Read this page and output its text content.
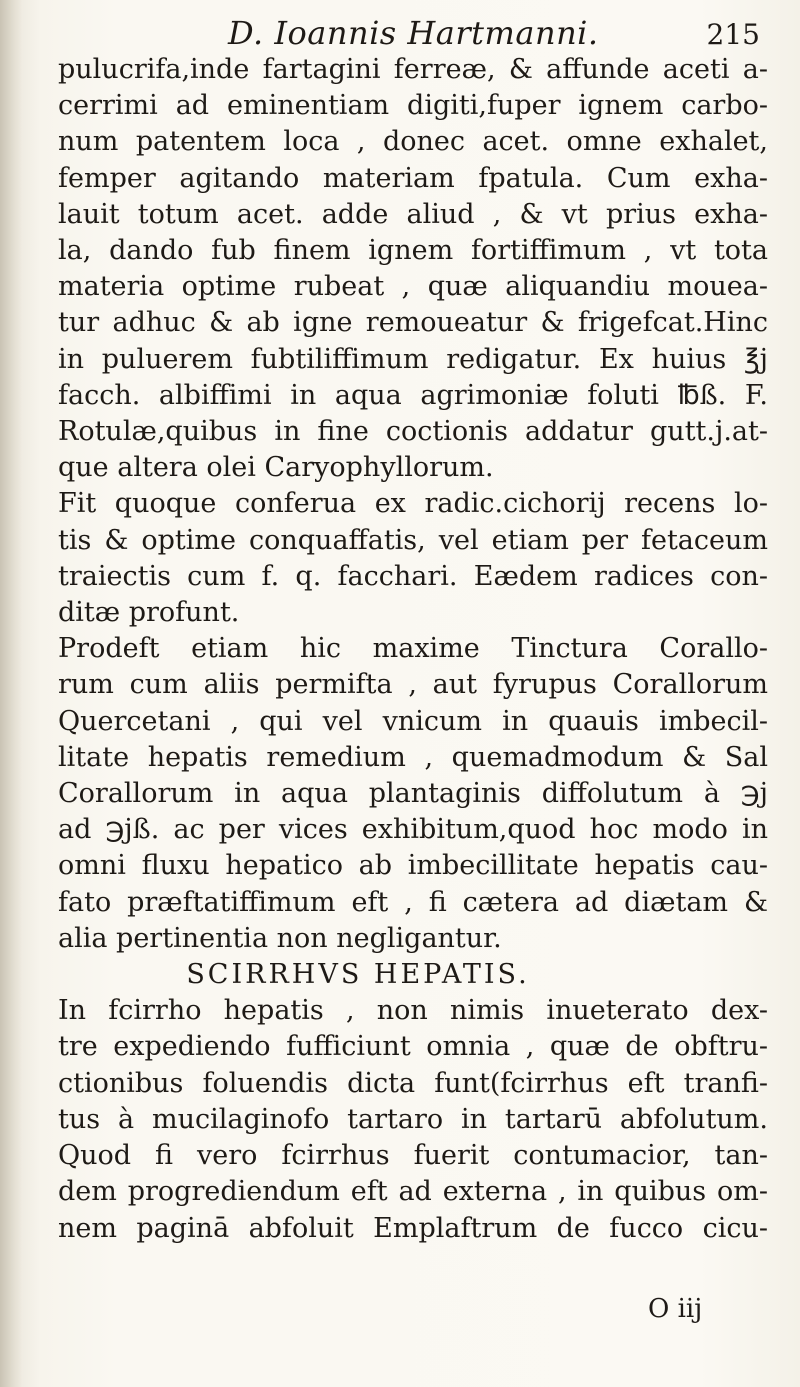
D. Ioannis Hartmanni.	215
pulucrifa,inde fartagini ferreæ, & affunde aceti a-
cerrimi ad eminentiam digiti,fuper ignem carbo-
num patentem loca , donec acet. omne exhalet,
femper agitando materiam fpatula. Cum exha-
lauit totum acet. adde aliud , & vt prius exha-
la, dando fub finem ignem fortiffimum , vt tota
materia optime rubeat , quæ aliquandiu mouea-
tur adhuc & ab igne remoueatur & frigefcat.Hinc
in puluerem fubtiliffimum redigatur. Ex huius ℥j
facch. albiffimi in aqua agrimoniæ foluti ℔ß. F.
Rotulæ,quibus in fine coctionis addatur gutt.j.at-
que altera olei Caryophyllorum.
Fit quoque conferua ex radic.cichorij recens lo-
tis & optime conquaffatis, vel etiam per fetaceum
traiectis cum f. q. facchari. Eædem radices con-
ditæ profunt.
Prodeft etiam hic maxime Tinctura Corallo-
rum cum aliis permifta , aut fyrupus Corallorum
Quercetani , qui vel vnicum in quauis imbecil-
litate hepatis remedium , quemadmodum & Sal
Corallorum in aqua plantaginis diffolutum à ℈j
ad ℈jß. ac per vices exhibitum,quod hoc modo in
omni fluxu hepatico ab imbecillitate hepatis cau-
fato præftatiffimum eft , fi cætera ad diætam &
alia pertinentia non negligantur.
SCIRRHVS HEPATIS.
In fcirrho hepatis , non nimis inueterato dex-
tre expediendo fufficiunt omnia , quæ de obftru-
ctionibus foluendis dicta funt(fcirrhus eft tranfi-
tus à mucilaginofo tartaro in tartarū abfolutum.
Quod fi vero fcirrhus fuerit contumacior, tan-
dem progrediendum eft ad externa , in quibus om-
nem paginā abfoluit Emplaftrum de fucco cicu-
O iij
